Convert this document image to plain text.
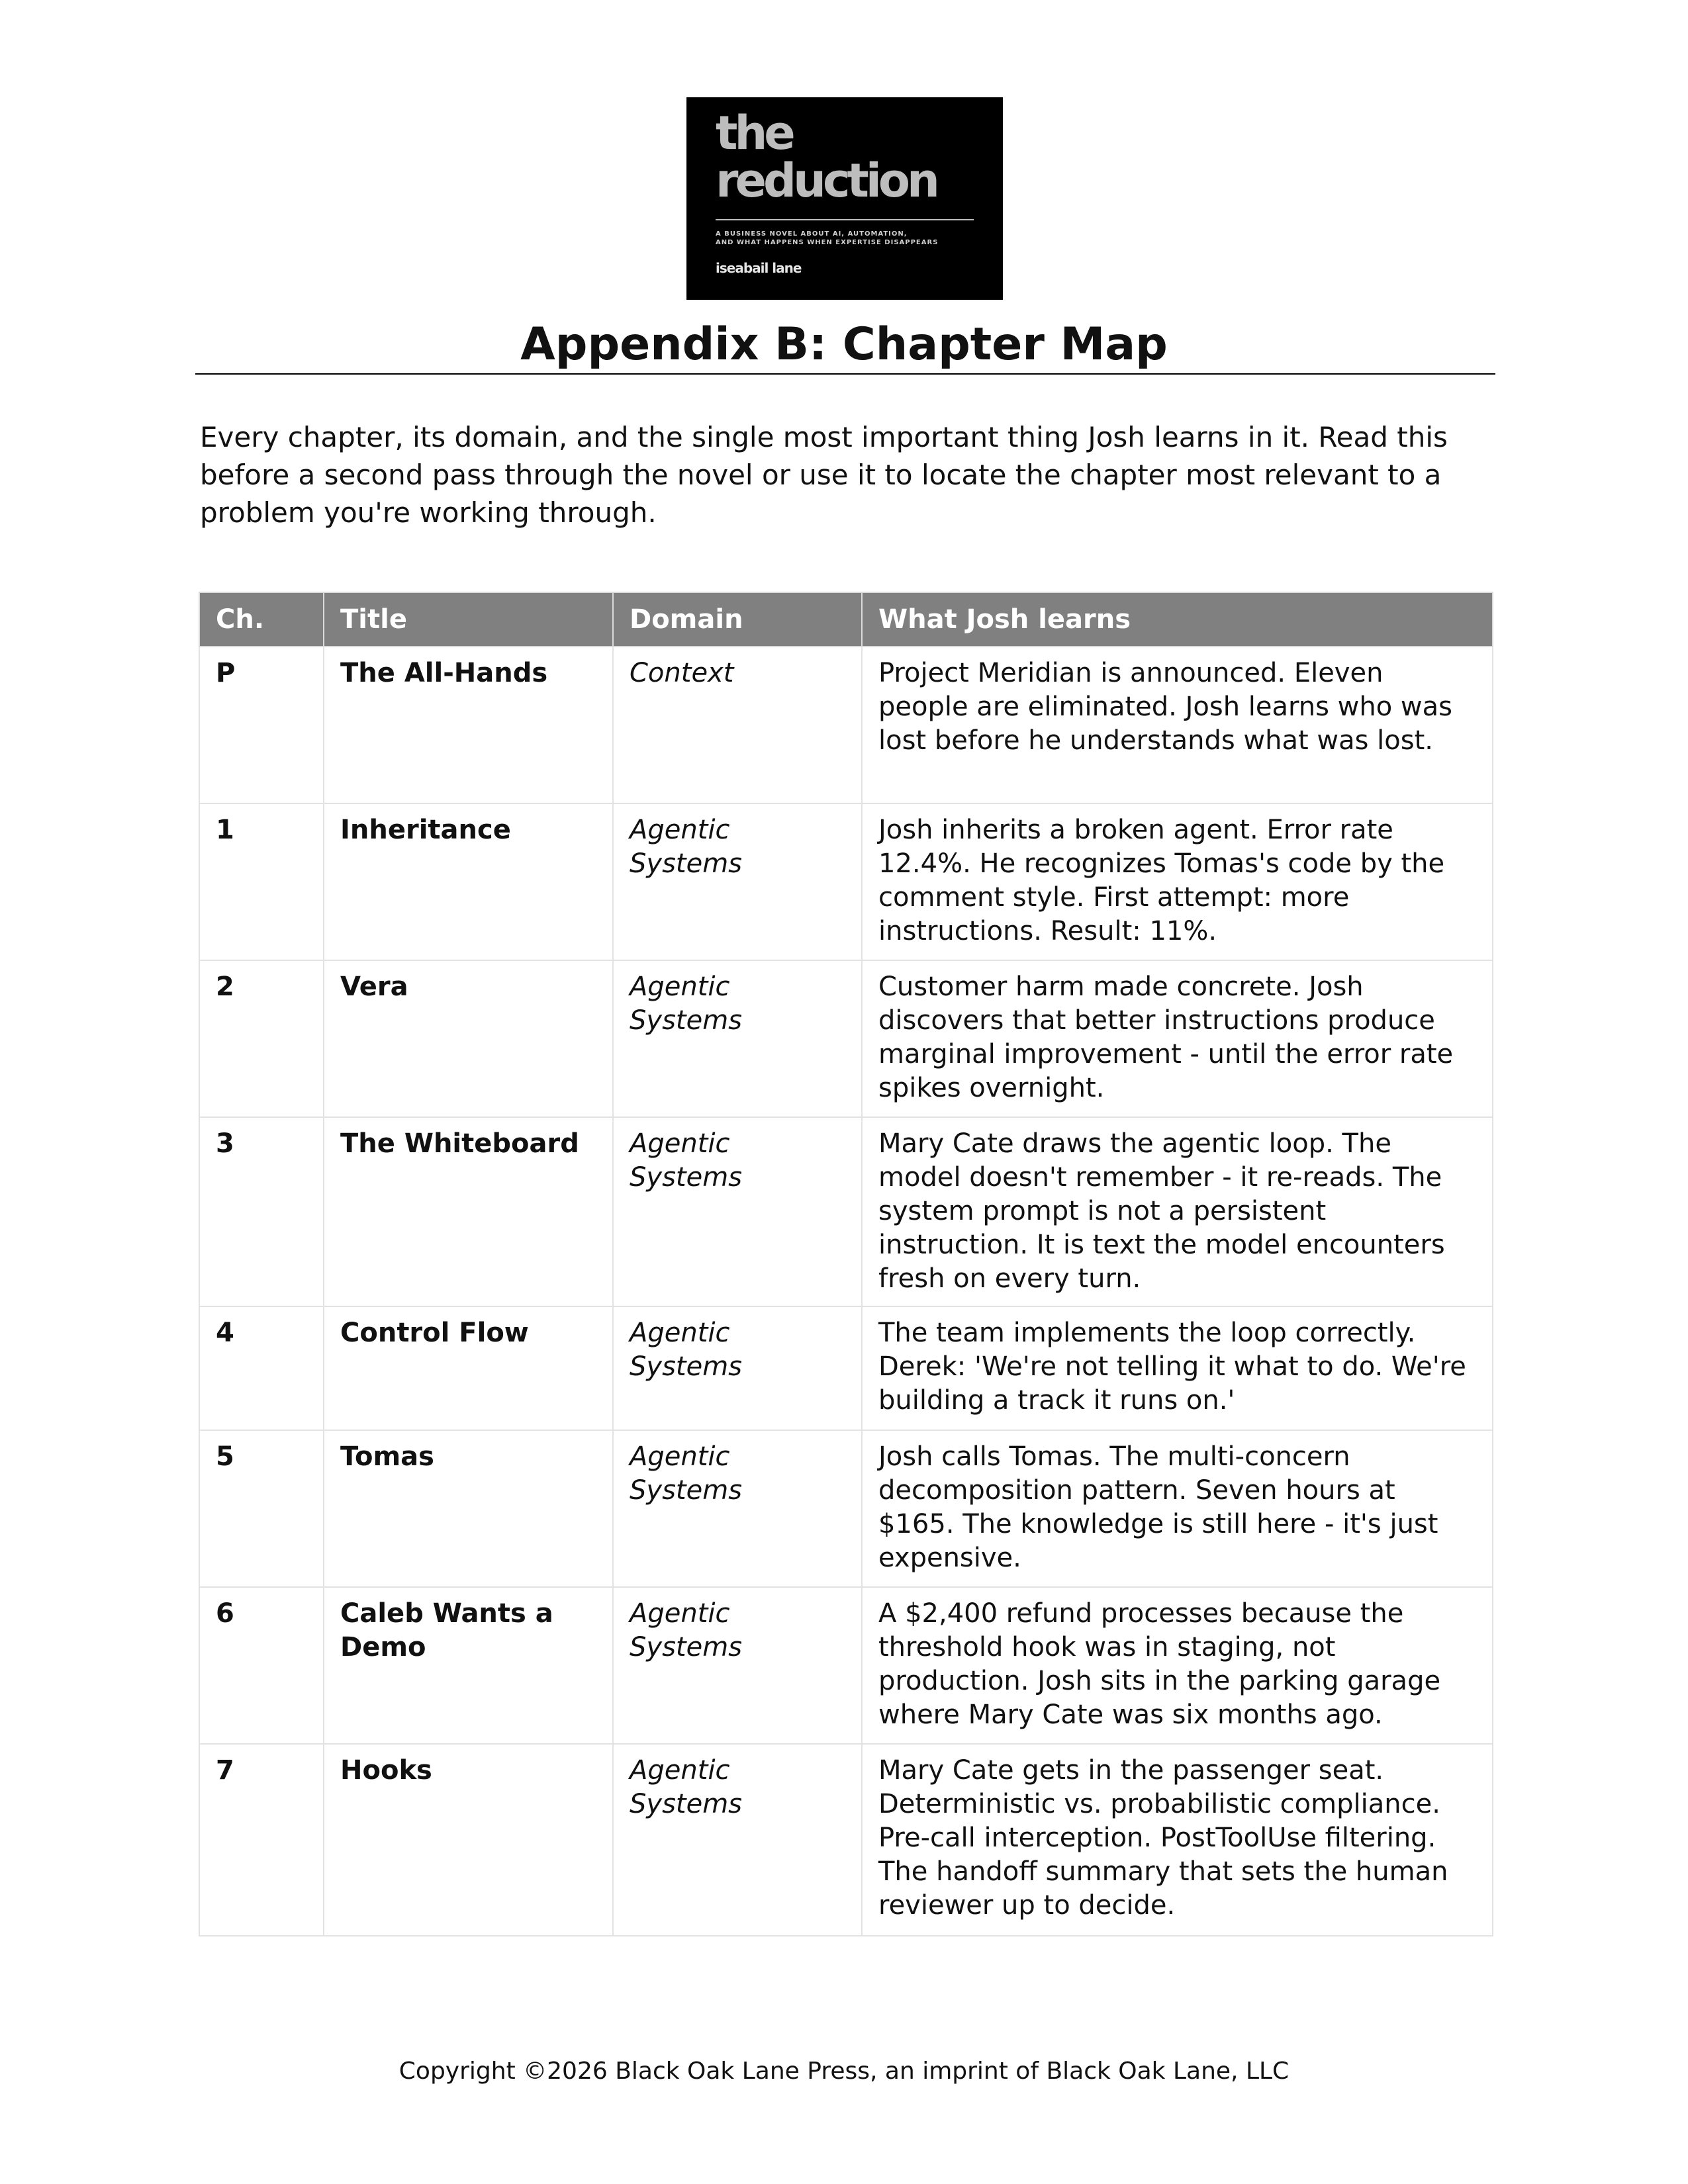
the
reduction
A BUSINESS NOVEL ABOUT AI, AUTOMATION,
AND WHAT HAPPENS WHEN EXPERTISE DISAPPEARS
iseabail lane
Appendix B: Chapter Map

Every chapter, its domain, and the single most important thing Josh learns in it. Read this before a second pass through the novel or use it to locate the chapter most relevant to a problem you're working through.

Ch.	Title	Domain	What Josh learns
P	The All-Hands	Context	Project Meridian is announced. Eleven people are eliminated. Josh learns who was lost before he understands what was lost.
1	Inheritance	Agentic Systems	Josh inherits a broken agent. Error rate 12.4%. He recognizes Tomas's code by the comment style. First attempt: more instructions. Result: 11%.
2	Vera	Agentic Systems	Customer harm made concrete. Josh discovers that better instructions produce marginal improvement - until the error rate spikes overnight.
3	The Whiteboard	Agentic Systems	Mary Cate draws the agentic loop. The model doesn't remember - it re-reads. The system prompt is not a persistent instruction. It is text the model encounters fresh on every turn.
4	Control Flow	Agentic Systems	The team implements the loop correctly. Derek: 'We're not telling it what to do. We're building a track it runs on.'
5	Tomas	Agentic Systems	Josh calls Tomas. The multi-concern decomposition pattern. Seven hours at $165. The knowledge is still here - it's just expensive.
6	Caleb Wants a Demo	Agentic Systems	A $2,400 refund processes because the threshold hook was in staging, not production. Josh sits in the parking garage where Mary Cate was six months ago.
7	Hooks	Agentic Systems	Mary Cate gets in the passenger seat. Deterministic vs. probabilistic compliance. Pre-call interception. PostToolUse filtering. The handoff summary that sets the human reviewer up to decide.

Copyright ©2026 Black Oak Lane Press, an imprint of Black Oak Lane, LLC
